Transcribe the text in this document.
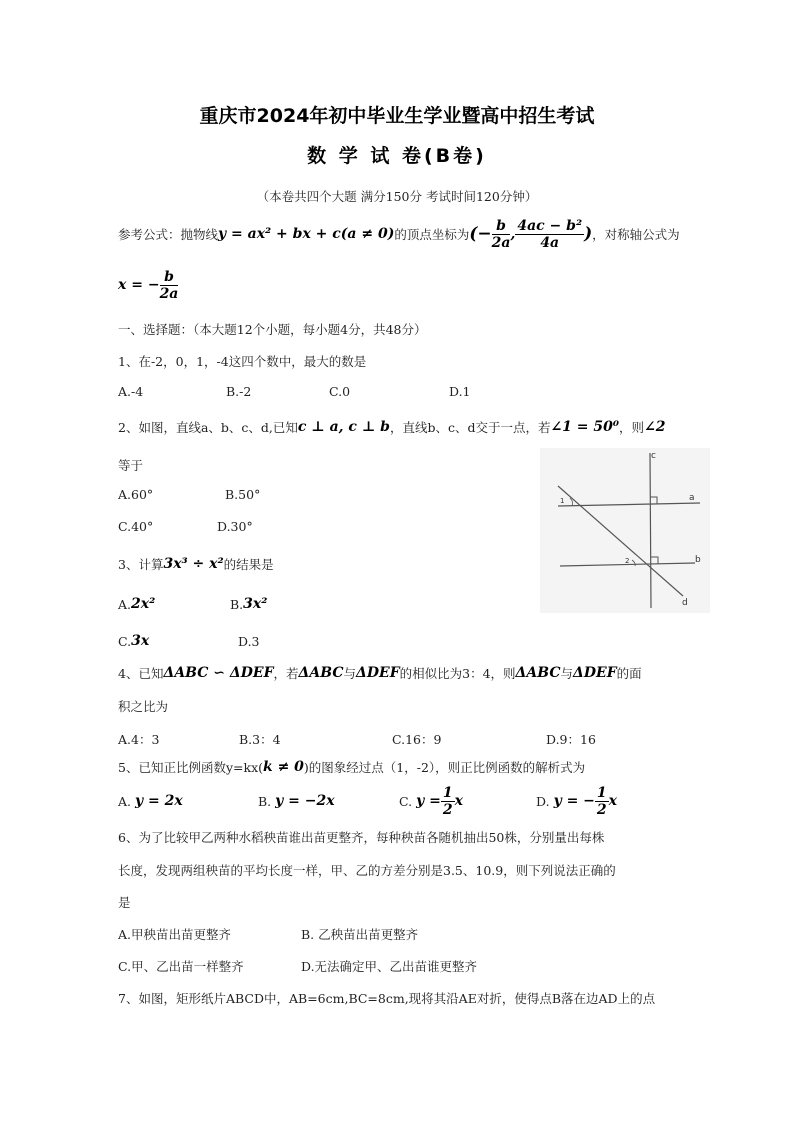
重庆市2024年初中毕业生学业暨高中招生考试
数 学 试 卷(B卷)
（本卷共四个大题 满分150分 考试时间120分钟）
参考公式：抛物线 y = ax² + bx + c(a ≠ 0) 的顶点坐标为 (− $\frac{b}{2a}$ , $\frac{\text{4ac − b²}}{4a}$ ) ，对称轴公式为
x = − $\frac{b}{2a}$
一、选择题：（本大题12个小题，每小题4分，共48分）
1、在-2，0，1，-4这四个数中，最大的数是
A.-4	B.-2	C.0	D.1
2、如图，直线a、b、c、d,已知 c ⊥ a, c ⊥ b ，直线b、c、d交于一点，若 ∠1 = 50⁰ ，则 ∠2
等于
A.60°	B.50°
C.40°	D.30°
c
a
b
d
1
2
3、计算 3x³ ÷ x² 的结果是
A. 2x²	B. 3x²
C. 3x	D.3
4、已知 ΔABC ∽ ΔDEF ，若 ΔABC 与 ΔDEF 的相似比为3：4，则 ΔABC 与 ΔDEF 的面
积之比为
A.4：3	B.3：4	C.16：9	D.9：16
5、已知正比例函数y=kx( k ≠ 0 )的图象经过点（1，-2），则正比例函数的解析式为
A. y = 2x	B. y = −2x	C. $y = \frac{1}{2}$ x	D. y = − $\frac{1}{2}$ x
6、为了比较甲乙两种水稻秧苗谁出苗更整齐，每种秧苗各随机抽出50株，分别量出每株
长度，发现两组秧苗的平均长度一样，甲、乙的方差分别是3.5、10.9，则下列说法正确的
是
A.甲秧苗出苗更整齐	B. 乙秧苗出苗更整齐
C.甲、乙出苗一样整齐	D.无法确定甲、乙出苗谁更整齐
7、如图，矩形纸片ABCD中，AB=6cm,BC=8cm,现将其沿AE对折，使得点B落在边AD上的点
